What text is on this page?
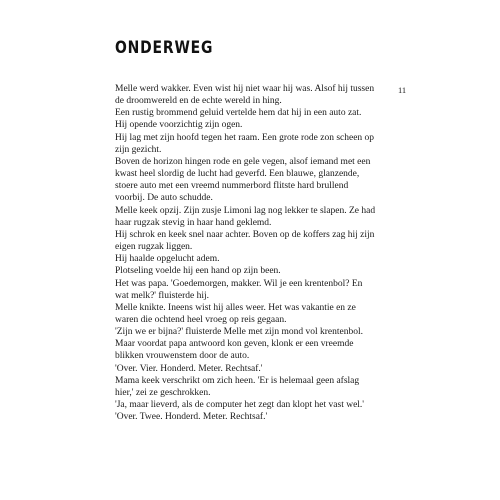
ONDERWEG
11
Melle werd wakker. Even wist hij niet waar hij was. Alsof hij tussen
de droomwereld en de echte wereld in hing.
Een rustig brommend geluid vertelde hem dat hij in een auto zat.
Hij opende voorzichtig zijn ogen.
Hij lag met zijn hoofd tegen het raam. Een grote rode zon scheen op
zijn gezicht.
Boven de horizon hingen rode en gele vegen, alsof iemand met een
kwast heel slordig de lucht had geverfd. Een blauwe, glanzende,
stoere auto met een vreemd nummerbord flitste hard brullend
voorbij. De auto schudde.
Melle keek opzij. Zijn zusje Limoni lag nog lekker te slapen. Ze had
haar rugzak stevig in haar hand geklemd.
Hij schrok en keek snel naar achter. Boven op de koffers zag hij zijn
eigen rugzak liggen.
Hij haalde opgelucht adem.
Plotseling voelde hij een hand op zijn been.
Het was papa. 'Goedemorgen, makker. Wil je een krentenbol? En
wat melk?' fluisterde hij.
Melle knikte. Ineens wist hij alles weer. Het was vakantie en ze
waren die ochtend heel vroeg op reis gegaan.
'Zijn we er bijna?' fluisterde Melle met zijn mond vol krentenbol.
Maar voordat papa antwoord kon geven, klonk er een vreemde
blikken vrouwenstem door de auto.
'Over. Vier. Honderd. Meter. Rechtsaf.'
Mama keek verschrikt om zich heen. 'Er is helemaal geen afslag
hier,' zei ze geschrokken.
'Ja, maar lieverd, als de computer het zegt dan klopt het vast wel.'
'Over. Twee. Honderd. Meter. Rechtsaf.'
